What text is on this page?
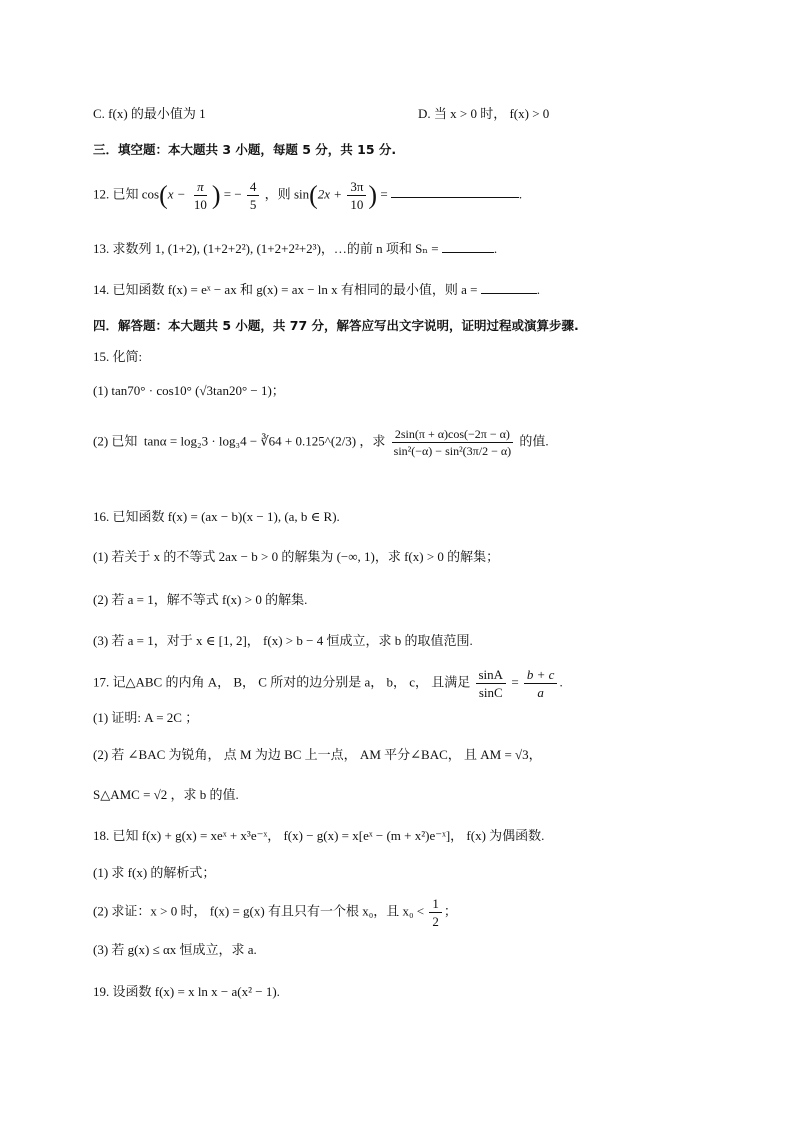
C. f(x) 的最小值为 1	D. 当 x > 0 时， f(x) > 0
三．填空题：本大题共 3 小题，每题 5 分，共 15 分.
12. 已知 $\cos(x - \frac{\pi}{10}$ ) = − $\frac{4}{5}$ ，则 $\sin(2x + \frac{3\pi}{10}$ ) =	.
13. 求数列 1, (1+2), (1+2+2²), (1+2+2²+2³)，…的前 n 项和 Sₙ =	.
14. 已知函数 f(x) = eˣ − ax 和 g(x) = ax − ln x 有相同的最小值，则 a =	.
四．解答题：本大题共 5 小题，共 77 分，解答应写出文字说明，证明过程或演算步骤.
15. 化简:
(1) tan70° · cos10° (√3tan20° − 1)；
(2) 已知 tanα = log₂3 · log₃4 − ∛64 + 0.125^(2/3) ，求 $\frac{2\sin(\pi + \alpha)\cos(-2\pi - \alpha)}{\text{sin²(−α) − sin²(3π/2 − α)}}$ 的值.
16. 已知函数 f(x) = (ax − b)(x − 1), (a, b ∈ R).
(1) 若关于 x 的不等式 2ax − b > 0 的解集为 (−∞, 1)，求 f(x) > 0 的解集；
(2) 若 a = 1，解不等式 f(x) > 0 的解集.
(3) 若 a = 1，对于 x ∈ [1, 2]， f(x) > b − 4 恒成立，求 b 的取值范围.
17. 记△ABC 的内角 A， B， C 所对的边分别是 a， b， c， 且满足 $\frac{\sin A}{\sin C} = \frac{b + c}{a}$ .
(1) 证明: A = 2C ；
(2) 若 ∠BAC 为锐角， 点 M 为边 BC 上一点， AM 平分∠BAC， 且 AM = √3，
S△AMC = √2 ，求 b 的值.
18. 已知 f(x) + g(x) = xeˣ + x³e⁻ˣ， f(x) − g(x) = x[eˣ − (m + x²)e⁻ˣ]， f(x) 为偶函数.
(1) 求 f(x) 的解析式；
(2) 求证：x > 0 时， f(x) = g(x) 有且只有一个根 x₀，且 $x_0 < \frac{1}{2}$ ；
(3) 若 g(x) ≤ αx 恒成立，求 a.
19. 设函数 f(x) = x ln x − a(x² − 1).
